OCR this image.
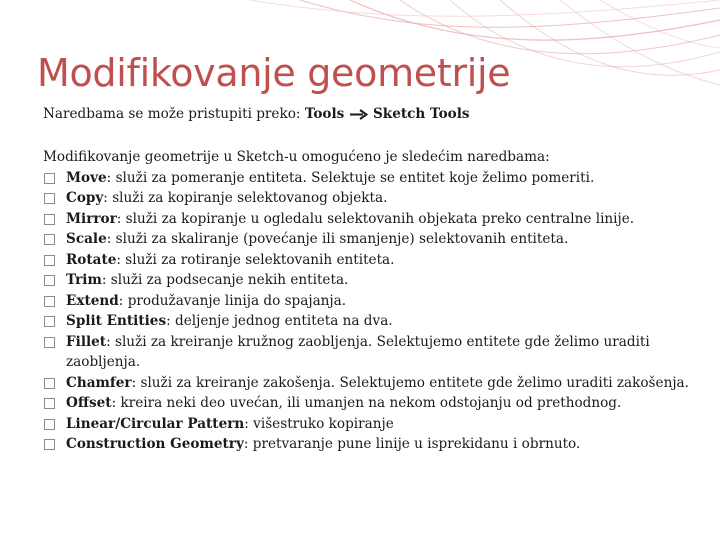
Modifikovanje geometrije
Naredbama se može pristupiti preko: Tools Sketch Tools

Modifikovanje geometrije u Sketch-u omogućeno je sledećim naredbama:

Move: služi za pomeranje entiteta. Selektuje se entitet koje želimo pomeriti.
Copy: služi za kopiranje selektovanog objekta.
Mirror: služi za kopiranje u ogledalu selektovanih objekata preko centralne linije.
Scale: služi za skaliranje (povećanje ili smanjenje) selektovanih entiteta.
Rotate: služi za rotiranje selektovanih entiteta.
Trim: služi za podsecanje nekih entiteta.
Extend: produžavanje linija do spajanja.
Split Entities: deljenje jednog entiteta na dva.
Fillet: služi za kreiranje kružnog zaobljenja. Selektujemo entitete gde želimo uraditi zaobljenja.
Chamfer: služi za kreiranje zakošenja. Selektujemo entitete gde želimo uraditi zakošenja.
Offset: kreira neki deo uvećan, ili umanjen na nekom odstojanju od prethodnog.
Linear/Circular Pattern: višestruko kopiranje
Construction Geometry: pretvaranje pune linije u isprekidanu i obrnuto.
